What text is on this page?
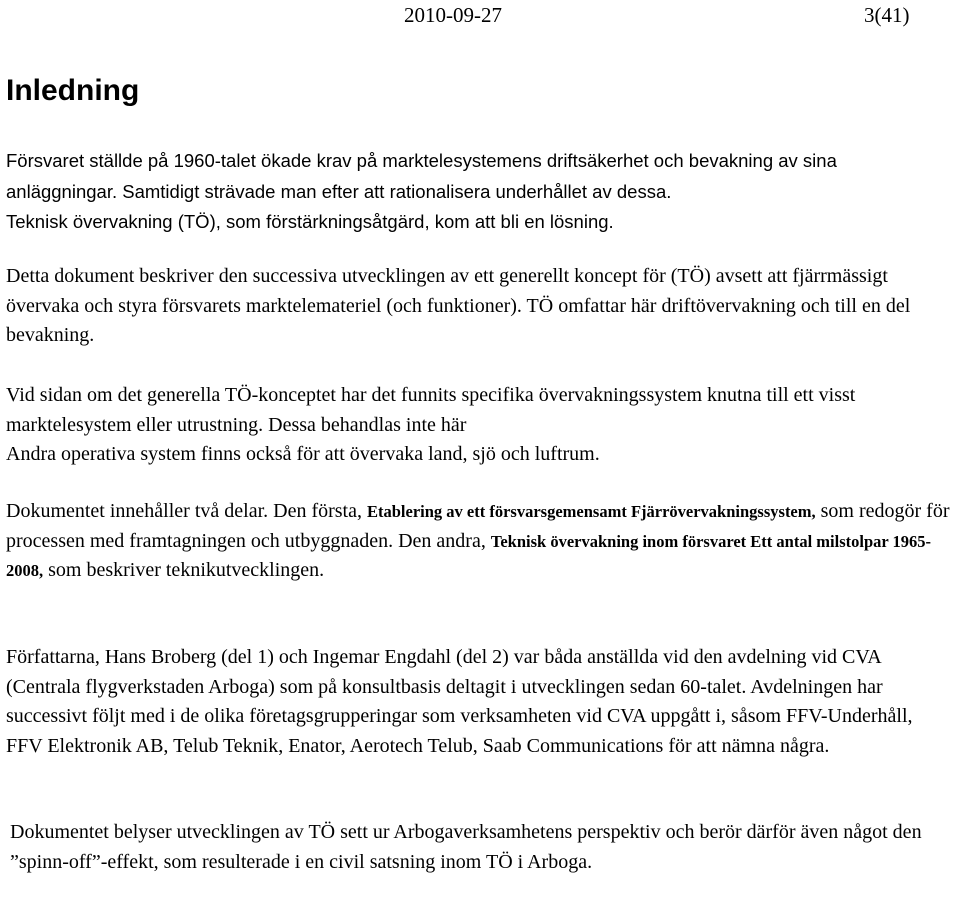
2010-09-27	3(41)
Inledning

Försvaret ställde på 1960-talet ökade krav på marktelesystemens driftsäkerhet och bevakning av sina anläggningar. Samtidigt strävade man efter att rationalisera underhållet av dessa.
Teknisk övervakning (TÖ), som förstärkningsåtgärd, kom att bli en lösning.

Detta dokument beskriver den successiva utvecklingen av ett generellt koncept för (TÖ) avsett att fjärrmässigt övervaka och styra försvarets marktelemateriel (och funktioner). TÖ omfattar här driftövervakning och till en del bevakning.

Vid sidan om det generella TÖ-konceptet har det funnits specifika övervakningssystem knutna till ett visst marktelesystem eller utrustning. Dessa behandlas inte här
Andra operativa system finns också för att övervaka land, sjö och luftrum.

Dokumentet innehåller två delar. Den första, Etablering av ett försvarsgemensamt Fjärrövervakningssystem, som redogör för processen med framtagningen och utbyggnaden. Den andra, Teknisk övervakning inom försvaret Ett antal milstolpar 1965-2008, som beskriver teknikutvecklingen.

Författarna, Hans Broberg (del 1) och Ingemar Engdahl (del 2) var båda anställda vid den avdelning vid CVA (Centrala flygverkstaden Arboga) som på konsultbasis deltagit i utvecklingen sedan 60-talet. Avdelningen har successivt följt med i de olika företagsgrupperingar som verksamheten vid CVA uppgått i, såsom FFV-Underhåll, FFV Elektronik AB, Telub Teknik, Enator, Aerotech Telub, Saab Communications för att nämna några.

Dokumentet belyser utvecklingen av TÖ sett ur Arbogaverksamhetens perspektiv och berör därför även något den ”spinn-off”-effekt, som resulterade i en civil satsning inom TÖ i Arboga.
